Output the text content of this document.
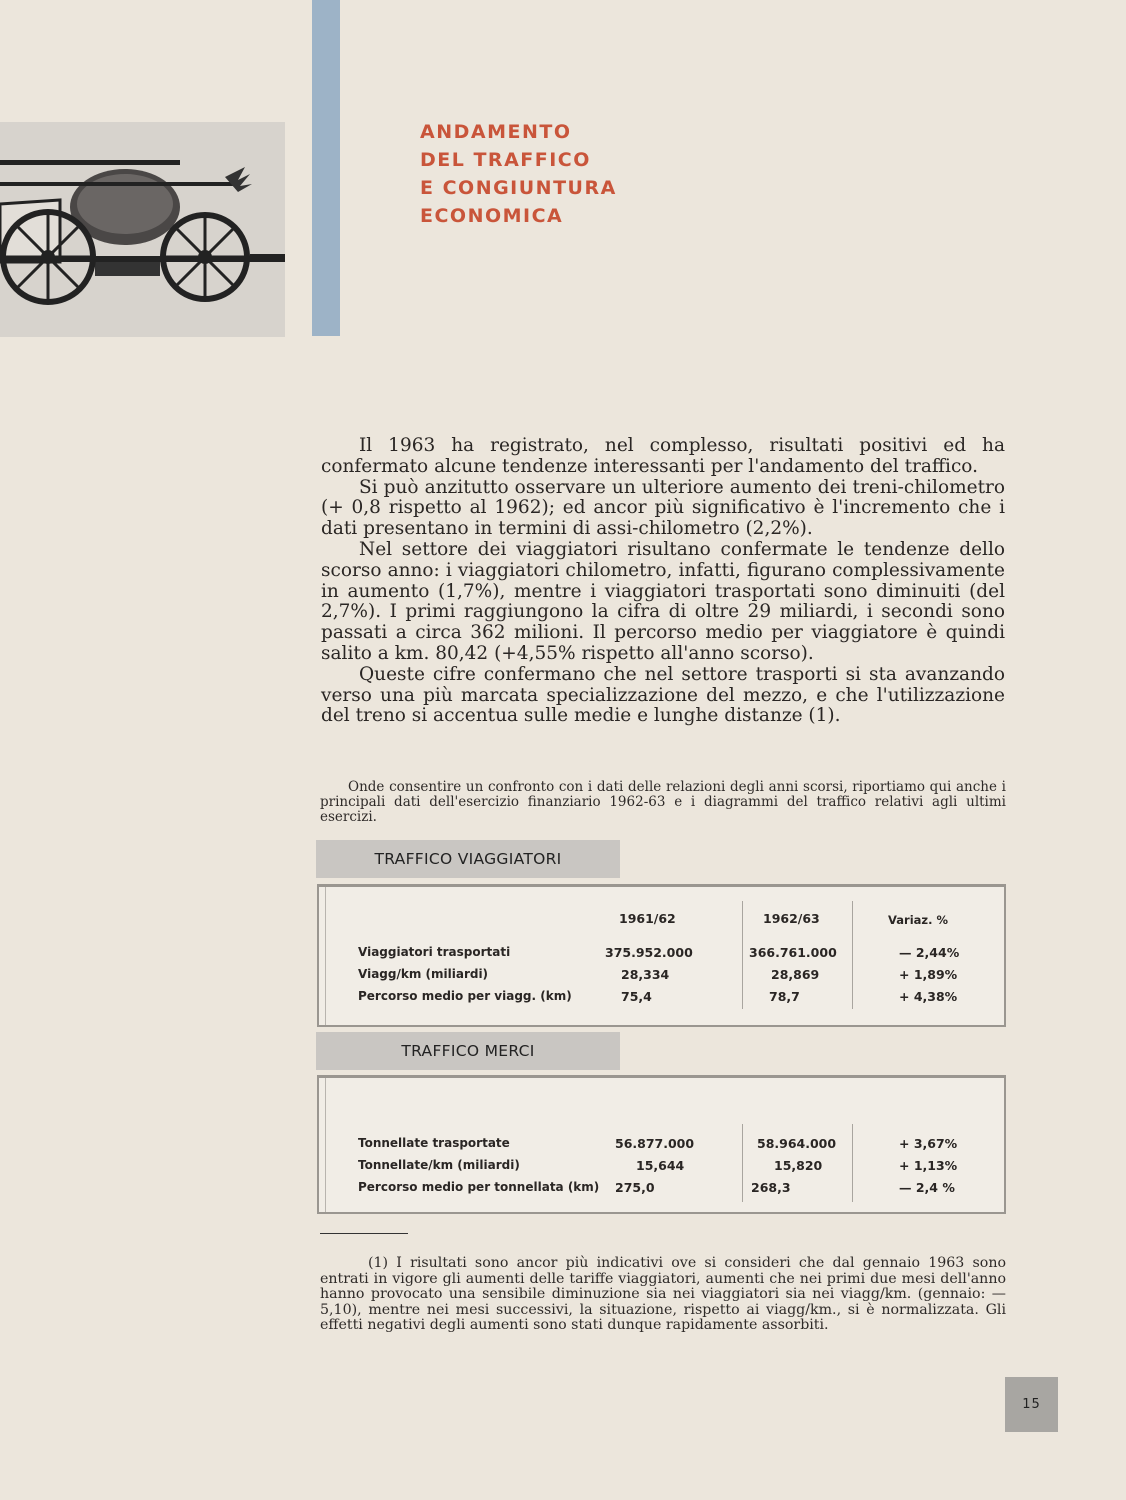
ANDAMENTO
DEL TRAFFICO
E CONGIUNTURA
ECONOMICA

Il 1963 ha registrato, nel complesso, risultati positivi ed ha confermato alcune tendenze interessanti per l'andamento del traffico.

Si può anzitutto osservare un ulteriore aumento dei treni-chilometro (+ 0,8 rispetto al 1962); ed ancor più significativo è l'incremento che i dati presentano in termini di assi-chilometro (2,2%).

Nel settore dei viaggiatori risultano confermate le tendenze dello scorso anno: i viaggiatori chilometro, infatti, figurano complessivamente in aumento (1,7%), mentre i viaggiatori trasportati sono diminuiti (del 2,7%). I primi raggiungono la cifra di oltre 29 miliardi, i secondi sono passati a circa 362 milioni. Il percorso medio per viaggiatore è quindi salito a km. 80,42 (+4,55% rispetto all'anno scorso).

Queste cifre confermano che nel settore trasporti si sta avanzando verso una più marcata specializzazione del mezzo, e che l'utilizzazione del treno si accentua sulle medie e lunghe distanze (1).

Onde consentire un confronto con i dati delle relazioni degli anni scorsi, riportiamo qui anche i principali dati dell'esercizio finanziario 1962-63 e i diagrammi del traffico relativi agli ultimi esercizi.
TRAFFICO VIAGGIATORI
1961/62	1962/63	Variaz. %
Viaggiatori trasportati	375.952.000	366.761.000	— 2,44%
Viagg/km (miliardi)	28,334	28,869	+ 1,89%
Percorso medio per viagg. (km)	75,4	78,7	+ 4,38%
TRAFFICO MERCI
Tonnellate trasportate	56.877.000	58.964.000	+ 3,67%
Tonnellate/km (miliardi)	15,644	15,820	+ 1,13%
Percorso medio per tonnellata (km) 275,0	268,3	— 2,4 %
(1) I risultati sono ancor più indicativi ove si consideri che dal gennaio 1963 sono entrati in vigore gli aumenti delle tariffe viaggiatori, aumenti che nei primi due mesi dell'anno hanno provocato una sensibile diminuzione sia nei viaggiatori sia nei viagg/km. (gennaio: —5,10), mentre nei mesi successivi, la situazione, rispetto ai viagg/km., si è normalizzata. Gli effetti negativi degli aumenti sono stati dunque rapidamente assorbiti.
15
